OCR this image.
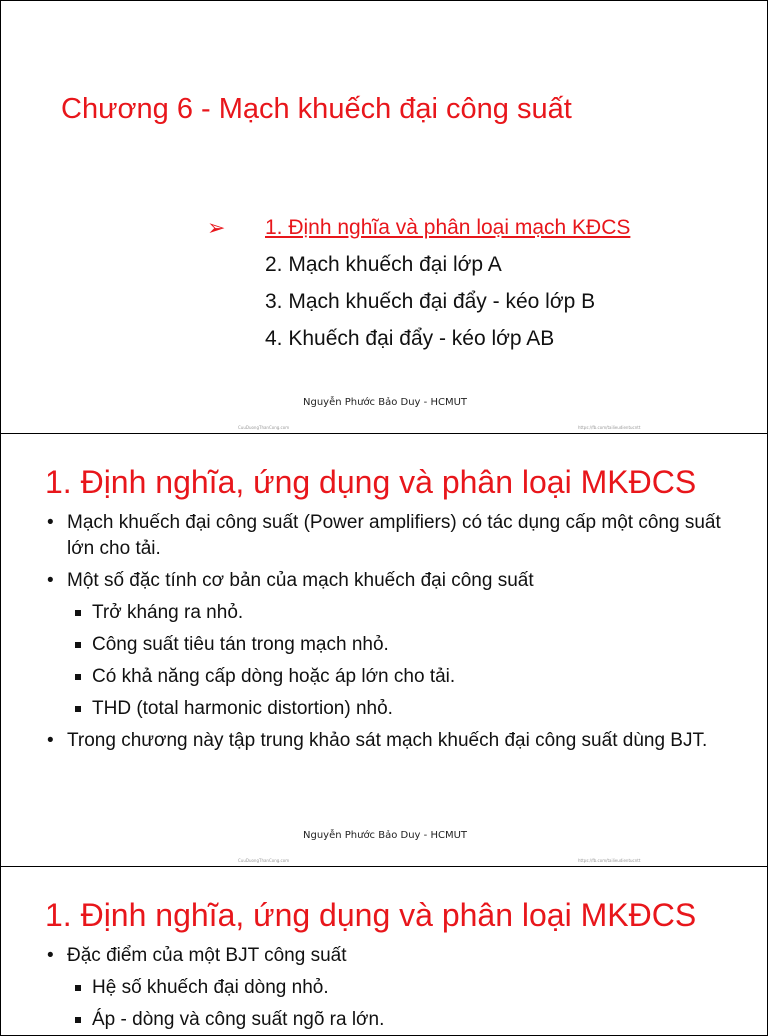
Chương 6 - Mạch khuếch đại công suất
➢ 1. Định nghĩa và phân loại mạch KĐCS
2. Mạch khuếch đại lớp A
3. Mạch khuếch đại đẩy - kéo lớp B
4. Khuếch đại đẩy - kéo lớp AB
Nguyễn Phước Bảo Duy - HCMUT
CuuDuongThanCong.com	https://fb.com/tailieudientucntt
1. Định nghĩa, ứng dụng và phân loại MKĐCS
• Mạch khuếch đại công suất (Power amplifiers) có tác dụng cấp một công suất lớn cho tải.
• Một số đặc tính cơ bản của mạch khuếch đại công suất
Trở kháng ra nhỏ.
Công suất tiêu tán trong mạch nhỏ.
Có khả năng cấp dòng hoặc áp lớn cho tải.
THD (total harmonic distortion) nhỏ.
• Trong chương này tập trung khảo sát mạch khuếch đại công suất dùng BJT.
Nguyễn Phước Bảo Duy - HCMUT
CuuDuongThanCong.com	https://fb.com/tailieudientucntt
1. Định nghĩa, ứng dụng và phân loại MKĐCS
• Đặc điểm của một BJT công suất
Hệ số khuếch đại dòng nhỏ.
Áp - dòng và công suất ngõ ra lớn.
